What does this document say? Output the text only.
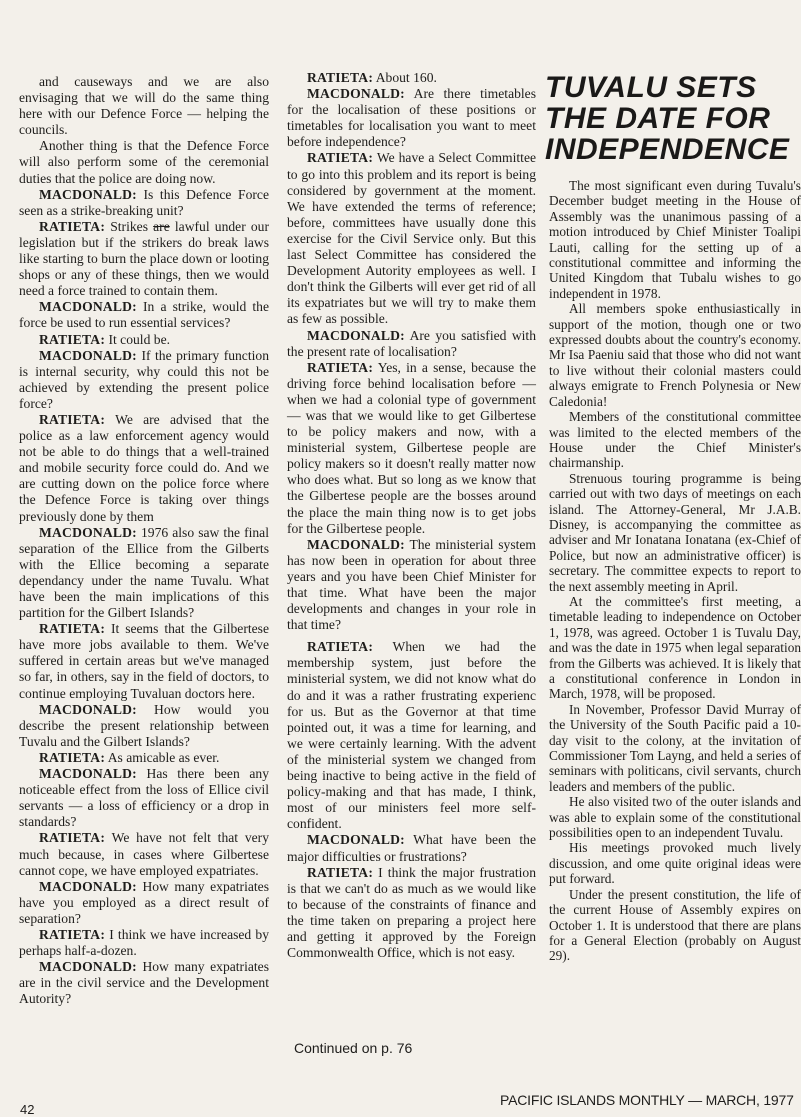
and causeways and we are also envisaging that we will do the same thing here with our Defence Force — helping the councils.

Another thing is that the Defence Force will also perform some of the ceremonial duties that the police are doing now.

MACDONALD: Is this Defence Force seen as a strike-breaking unit?

RATIETA: Strikes are lawful under our legislation but if the strikers do break laws like starting to burn the place down or looting shops or any of these things, then we would need a force trained to contain them.

MACDONALD: In a strike, would the force be used to run essential services?

RATIETA: It could be.

MACDONALD: If the primary function is internal security, why could this not be achieved by extending the present police force?

RATIETA: We are advised that the police as a law enforcement agency would not be able to do things that a well-trained and mobile security force could do. And we are cutting down on the police force where the Defence Force is taking over things previously done by them

MACDONALD: 1976 also saw the final separation of the Ellice from the Gilberts with the Ellice becoming a separate dependancy under the name Tuvalu. What have been the main implications of this partition for the Gilbert Islands?

RATIETA: It seems that the Gilbertese have more jobs available to them. We've suffered in certain areas but we've managed so far, in others, say in the field of doctors, to continue employing Tuvaluan doctors here.

MACDONALD: How would you describe the present relationship between Tuvalu and the Gilbert Islands?

RATIETA: As amicable as ever.

MACDONALD: Has there been any noticeable effect from the loss of Ellice civil servants — a loss of efficiency or a drop in standards?

RATIETA: We have not felt that very much because, in cases where Gilbertese cannot cope, we have employed expatriates.

MACDONALD: How many expatriates have you employed as a direct result of separation?

RATIETA: I think we have increased by perhaps half-a-dozen.

MACDONALD: How many expatriates are in the civil service and the Development Autority?

RATIETA: About 160.

MACDONALD: Are there timetables for the localisation of these positions or timetables for localisation you want to meet before independence?

RATIETA: We have a Select Committee to go into this problem and its report is being considered by government at the moment. We have extended the terms of reference; before, committees have usually done this exercise for the Civil Service only. But this last Select Committee has considered the Development Autority employees as well. I don't think the Gilberts will ever get rid of all its expatriates but we will try to make them as few as possible.

MACDONALD: Are you satisfied with the present rate of localisation?

RATIETA: Yes, in a sense, because the driving force behind localisation before — when we had a colonial type of government — was that we would like to get Gilbertese to be policy makers and now, with a ministerial system, Gilbertese people are policy makers so it doesn't really matter now who does what. But so long as we know that the Gilbertese people are the bosses around the place the main thing now is to get jobs for the Gilbertese people.

MACDONALD: The ministerial system has now been in operation for about three years and you have been Chief Minister for that time. What have been the major developments and changes in your role in that time?

RATIETA: When we had the membership system, just before the ministerial system, we did not know what do do and it was a rather frustrating experienc for us. But as the Governor at that time pointed out, it was a time for learning, and we were certainly learning. With the advent of the ministerial system we changed from being inactive to being active in the field of policy-making and that has made, I think, most of our ministers feel more self-confident.

MACDONALD: What have been the major difficulties or frustrations?

RATIETA: I think the major frustration is that we can't do as much as we would like to because of the constraints of finance and the time taken on preparing a project here and getting it approved by the Foreign Commonwealth Office, which is not easy.

TUVALU SETS
THE DATE FOR
INDEPENDENCE

The most significant even during Tuvalu's December budget meeting in the House of Assembly was the unanimous passing of a motion introduced by Chief Minister Toalipi Lauti, calling for the setting up of a constitutional committee and informing the United Kingdom that Tubalu wishes to go independent in 1978.

All members spoke enthusiastically in support of the motion, though one or two expressed doubts about the country's economy. Mr Isa Paeniu said that those who did not want to live without their colonial masters could always emigrate to French Polynesia or New Caledonia!

Members of the constitutional committee was limited to the elected members of the House under the Chief Minister's chairmanship.

Strenuous touring programme is being carried out with two days of meetings on each island. The Attorney-General, Mr J.A.B. Disney, is accompanying the committee as adviser and Mr Ionatana Ionatana (ex-Chief of Police, but now an administrative officer) is secretary. The committee expects to report to the next assembly meeting in April.

At the committee's first meeting, a timetable leading to independence on October 1, 1978, was agreed. October 1 is Tuvalu Day, and was the date in 1975 when legal separation from the Gilberts was achieved. It is likely that a constitutional conference in London in March, 1978, will be proposed.

In November, Professor David Murray of the University of the South Pacific paid a 10-day visit to the colony, at the invitation of Commissioner Tom Layng, and held a series of seminars with politicans, civil servants, church leaders and members of the public.

He also visited two of the outer islands and was able to explain some of the constitutional possibilities open to an independent Tuvalu.

His meetings provoked much lively discussion, and ome quite original ideas were put forward.

Under the present constitution, the life of the current House of Assembly expires on October 1. It is understood that there are plans for a General Election (probably on August 29).

Continued on p. 76
42
PACIFIC ISLANDS MONTHLY — MARCH, 1977
